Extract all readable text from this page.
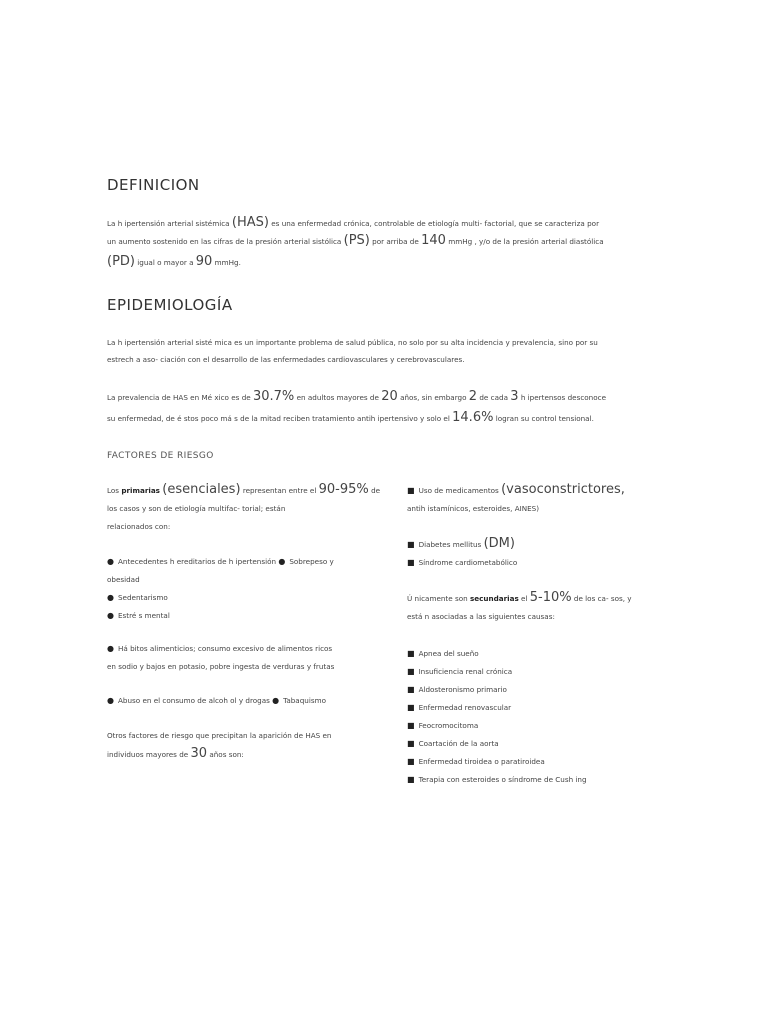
DEFINICION

La h ipertensión arterial sistémica (HAS) es una enfermedad crónica, controlable de etiología multi- factorial, que se caracteriza por

un aumento sostenido en las cifras de la presión arterial sistólica (PS) por arriba de 140 mmHg , y/o de la presión arterial diastólica

(PD) igual o mayor a 90 mmHg.

EPIDEMIOLOGÍA

La h ipertensión arterial sisté mica es un importante problema de salud pública, no solo por su alta incidencia y prevalencia, sino por su

estrech a aso- ciación con el desarrollo de las enfermedades cardiovasculares y cerebrovasculares.

La prevalencia de HAS en Mé xico es de 30.7% en adultos mayores de 20 años, sin embargo 2 de cada 3 h ipertensos desconoce

su enfermedad, de é stos poco má s de la mitad reciben tratamiento antih ipertensivo y solo el 14.6% logran su control tensional.

FACTORES DE RIESGO
Los primarias (esenciales) representan entre el 90-95% de
los casos y son de etiología multifac- torial; están
relacionados con:
● Antecedentes h ereditarios de h ipertensión ● Sobrepeso y
obesidad
● Sedentarismo
● Estré s mental
● Há bitos alimenticios; consumo excesivo de alimentos ricos
en sodio y bajos en potasio, pobre ingesta de verduras y frutas
● Abuso en el consumo de alcoh ol y drogas ● Tabaquismo
Otros factores de riesgo que precipitan la aparición de HAS en
individuos mayores de 30 años son:
■ Uso de medicamentos (vasoconstrictores,
antih istamínicos, esteroides, AINES)
■ Diabetes mellitus (DM)
■ Síndrome cardiometabólico
Ú nicamente son secundarias el 5-10% de los ca- sos, y
está n asociadas a las siguientes causas:
■ Apnea del sueño
■ Insuficiencia renal crónica
■ Aldosteronismo primario
■ Enfermedad renovascular
■ Feocromocitoma
■ Coartación de la aorta
■ Enfermedad tiroidea o paratiroidea
■ Terapia con esteroides o síndrome de Cush ing
